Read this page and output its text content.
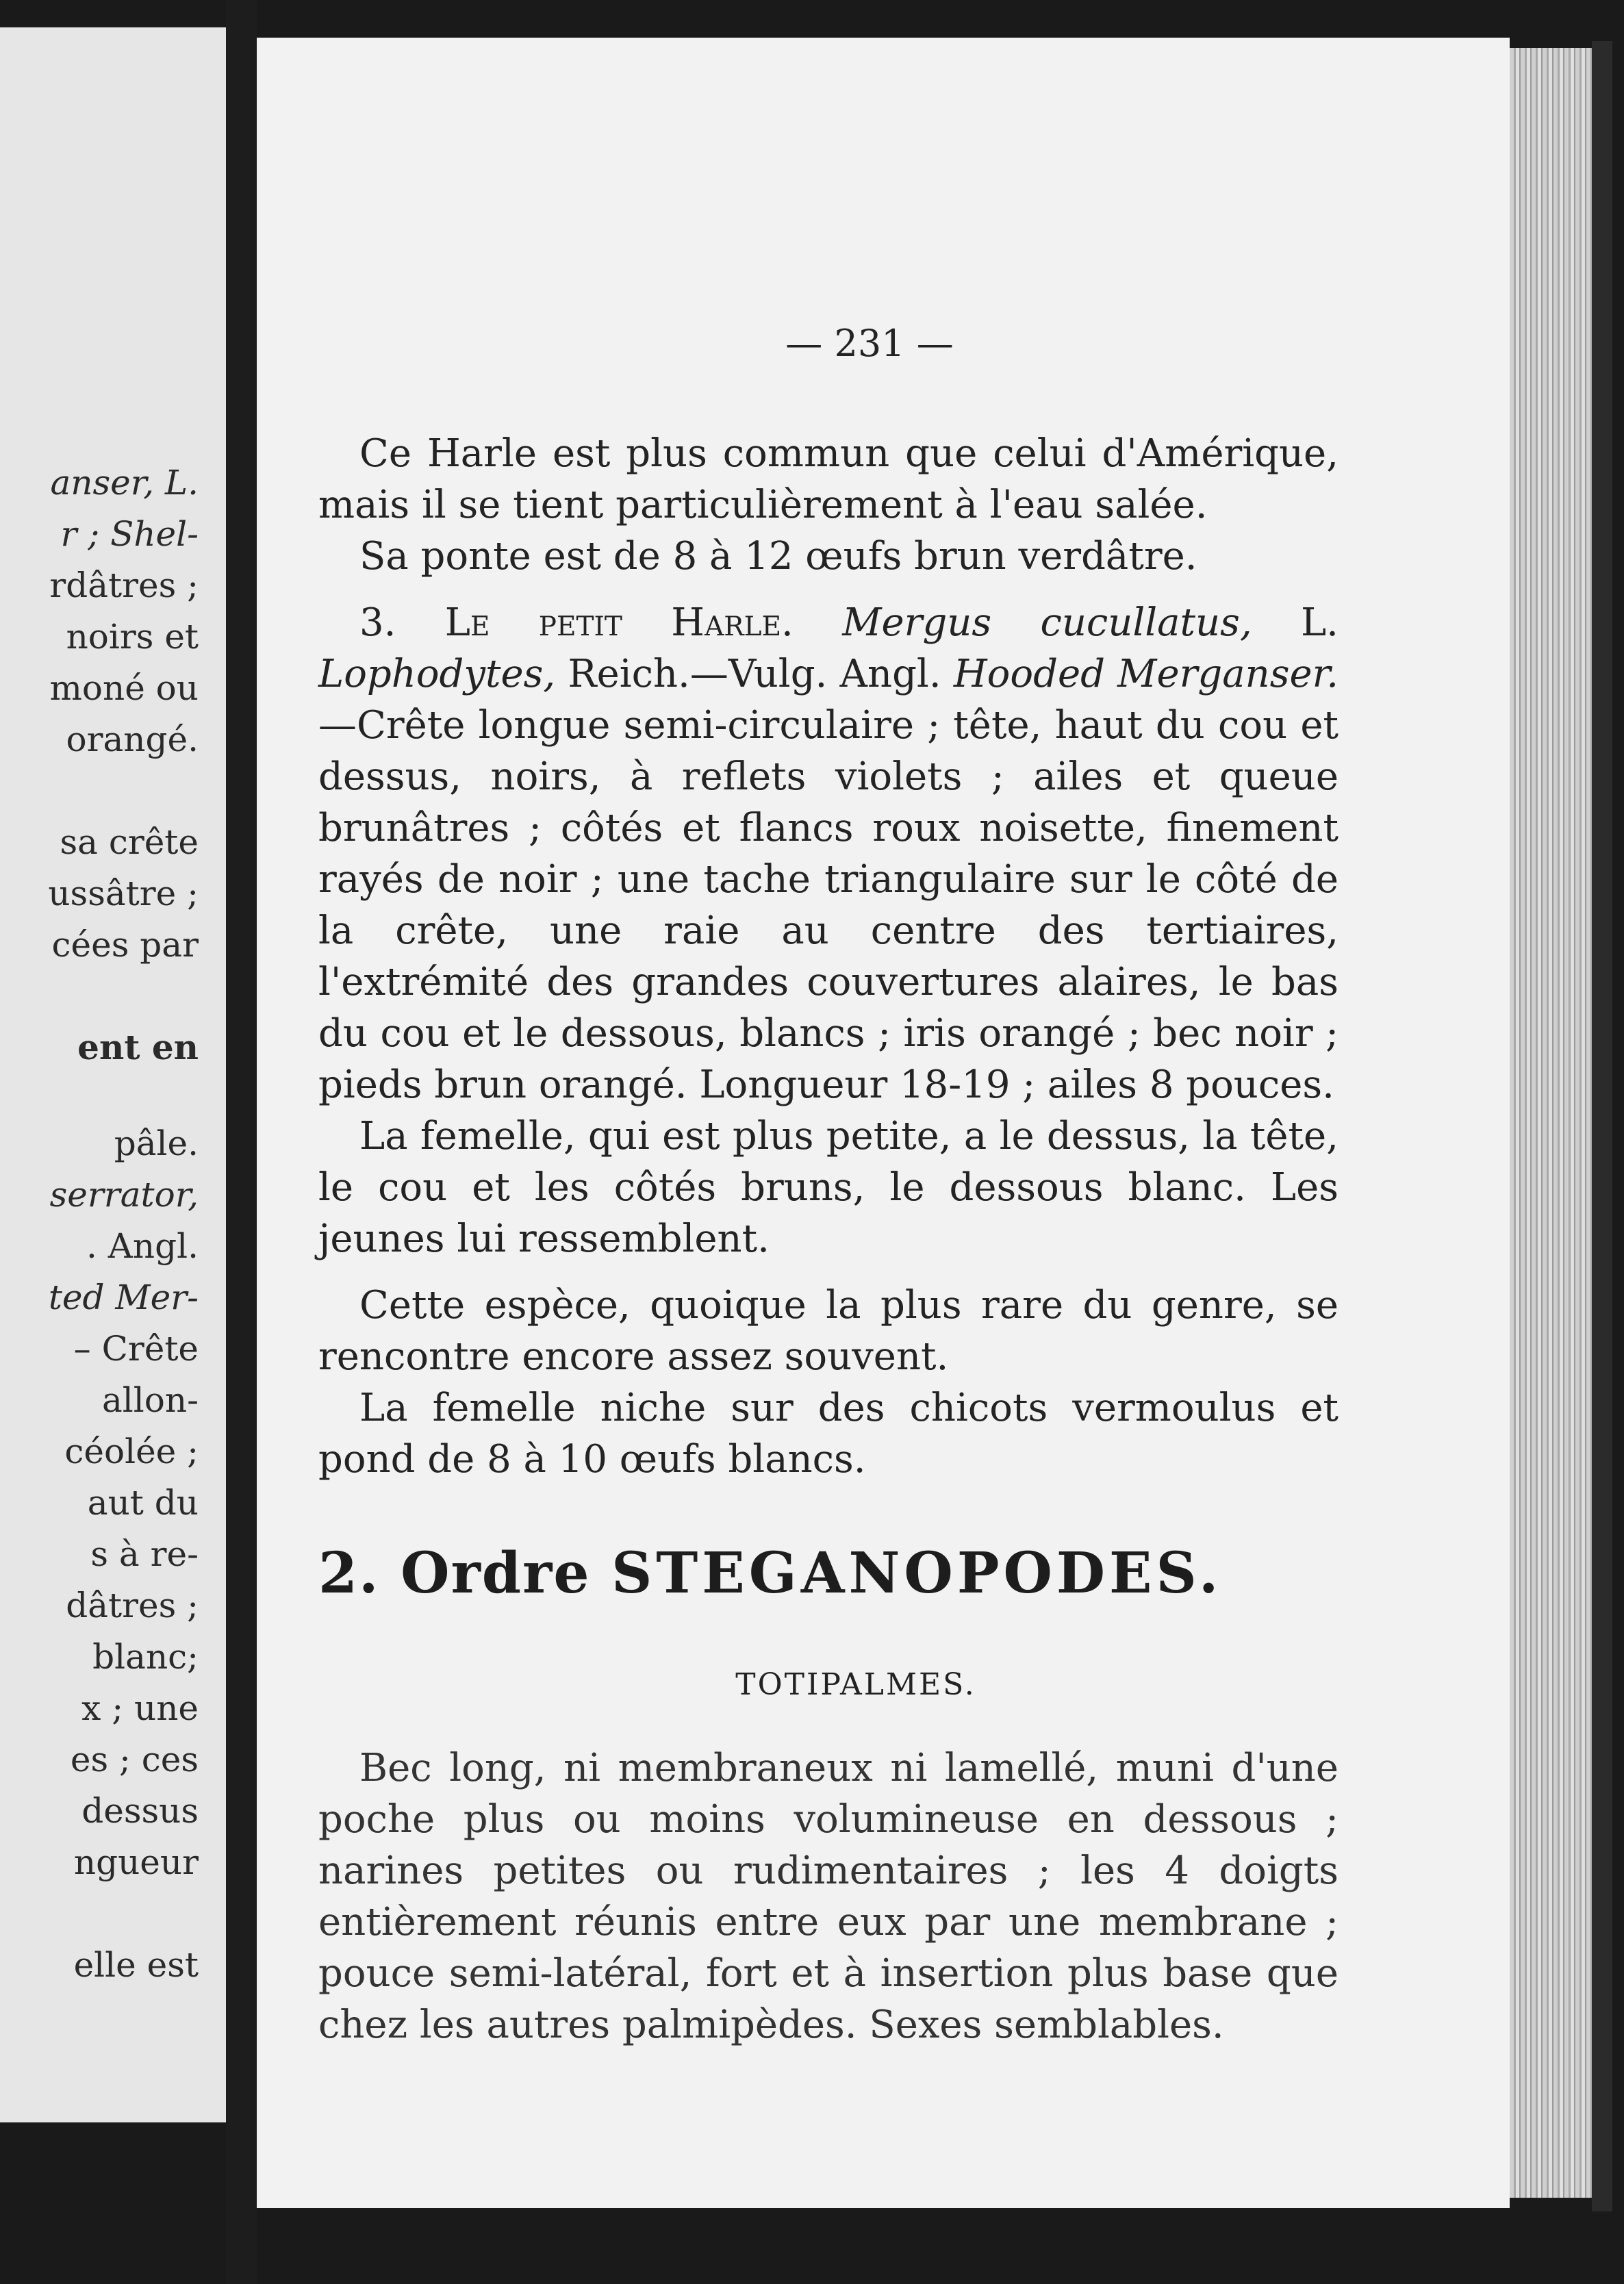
anser, L.
r ; Shel-
rdâtres ;
noirs et
moné ou
orangé.
sa crête
ussâtre ;
cées par
ent en
pâle.
serrator,
. Angl.
ted Mer-
– Crête
allon-
céolée ;
aut du
s à re-
dâtres ;
blanc;
x ; une
es ; ces
dessus
ngueur
elle est
— 231 —

Ce Harle est plus commun que celui d'Amérique, mais il se tient particulièrement à l'eau salée.

Sa ponte est de 8 à 12 œufs brun verdâtre.

3. Le petit Harle. Mergus cucullatus, L. Lophodytes, Reich.—Vulg. Angl. Hooded Merganser.—Crête longue semi-circulaire ; tête, haut du cou et dessus, noirs, à reflets violets ; ailes et queue brunâtres ; côtés et flancs roux noisette, finement rayés de noir ; une tache triangulaire sur le côté de la crête, une raie au centre des tertiaires, l'extrémité des grandes couvertures alaires, le bas du cou et le dessous, blancs ; iris orangé ; bec noir ; pieds brun orangé. Longueur 18-19 ; ailes 8 pouces.

La femelle, qui est plus petite, a le dessus, la tête, le cou et les côtés bruns, le dessous blanc. Les jeunes lui ressemblent.

Cette espèce, quoique la plus rare du genre, se rencontre encore assez souvent.

La femelle niche sur des chicots vermoulus et pond de 8 à 10 œufs blancs.

2. Ordre STEGANOPODES.
TOTIPALMES.

Bec long, ni membraneux ni lamellé, muni d'une poche plus ou moins volumineuse en dessous ; narines petites ou rudimentaires ; les 4 doigts entièrement réunis entre eux par une membrane ; pouce semi-latéral, fort et à insertion plus base que chez les autres palmipèdes. Sexes semblables.
